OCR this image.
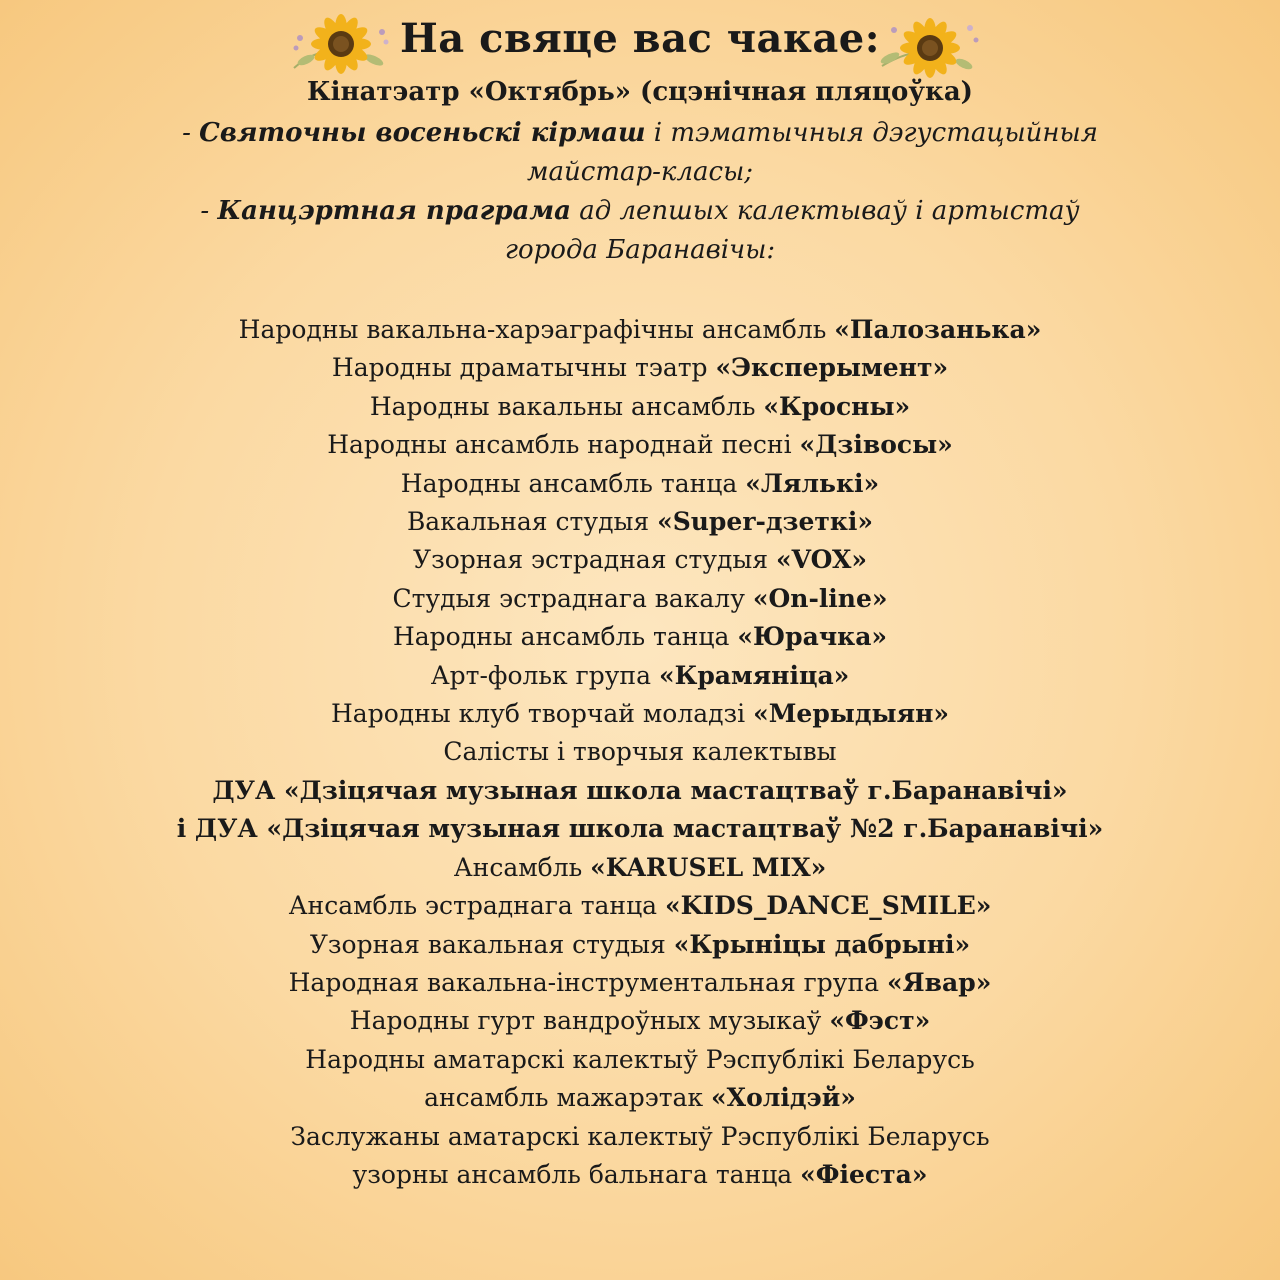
На свяце вас чакае:
Кінатэатр «Октябрь» (сцэнічная пляцоўка)
- Святочны восеньскі кірмаш і тэматычныя дэгустацыйныя
майстар-класы;
- Канцэртная праграма ад лепшых калектываў і артыстаў
города Баранавічы:
Народны вакальна-харэаграфічны ансамбль «Палозанька»
Народны драматычны тэатр «Эксперымент»
Народны вакальны ансамбль «Кросны»
Народны ансамбль народнай песні «Дзівосы»
Народны ансамбль танца «Лялькі»
Вакальная студыя «Super-дзеткі»
Узорная эстрадная студыя «VOX»
Студыя эстраднага вакалу «On-line»
Народны ансамбль танца «Юрачка»
Арт-фольк група «Крамяніца»
Народны клуб творчай моладзі «Мерыдыян»
Салісты і творчыя калектывы
ДУА «Дзіцячая музыная школа мастацтваў г.Баранавічі»
і ДУА «Дзіцячая музыная школа мастацтваў №2 г.Баранавічі»
Ансамбль «KARUSEL MIX»
Ансамбль эстраднага танца «KIDS_DANCE_SMILE»
Узорная вакальная студыя «Крыніцы дабрыні»
Народная вакальна-інструментальная група «Явар»
Народны гурт вандроўных музыкаў «Фэст»
Народны аматарскі калектыў Рэспублікі Беларусь
ансамбль мажарэтак «Холідэй»
Заслужаны аматарскі калектыў Рэспублікі Беларусь
узорны ансамбль бальнага танца «Фіеста»
